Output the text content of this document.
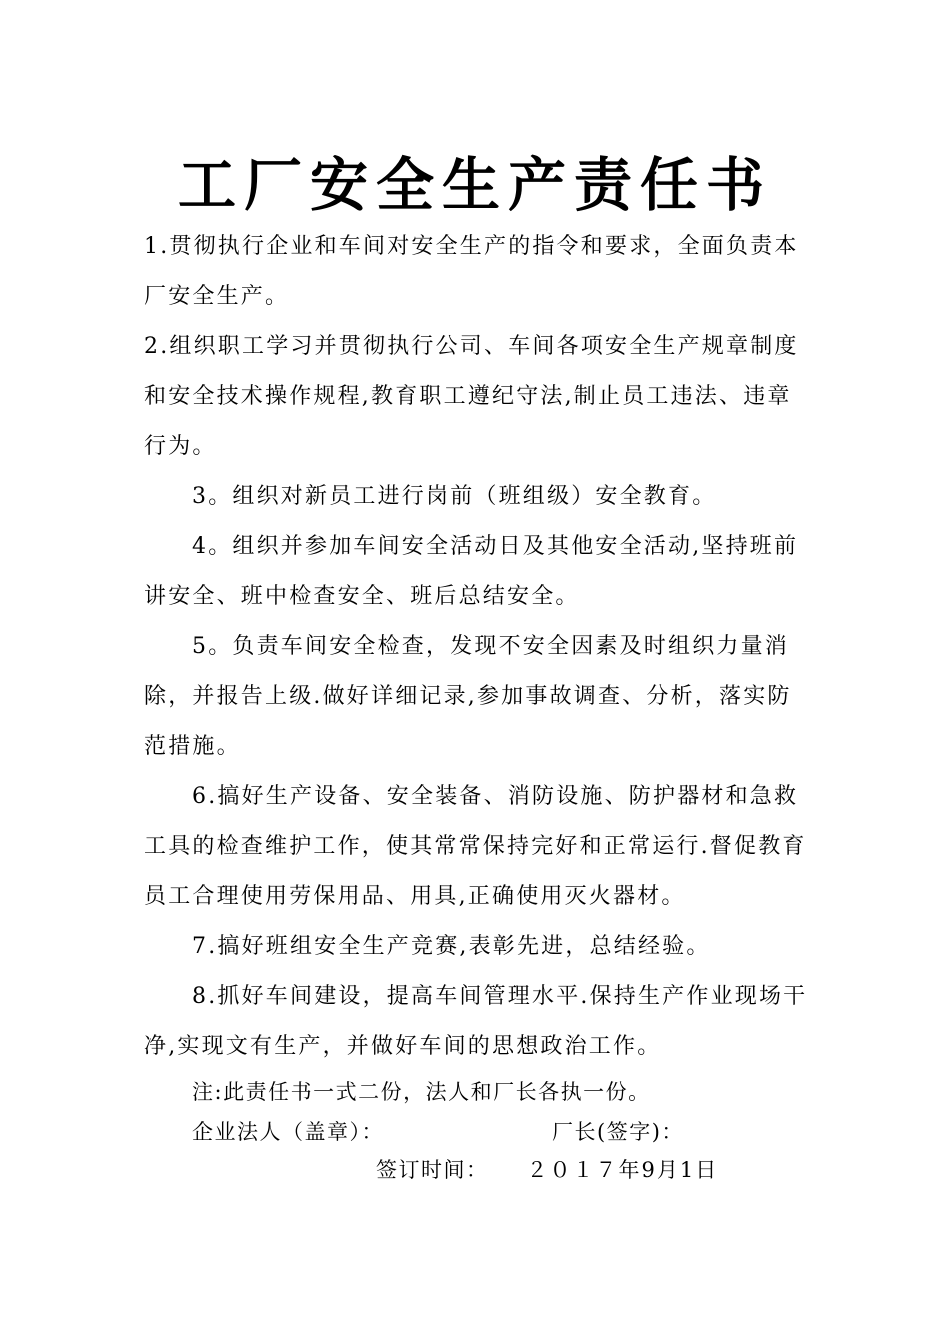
工厂安全生产责任书

1.贯彻执行企业和车间对安全生产的指令和要求，全面负责本厂安全生产。

2.组织职工学习并贯彻执行公司、车间各项安全生产规章制度和安全技术操作规程,教育职工遵纪守法,制止员工违法、违章行为。

3。组织对新员工进行岗前（班组级）安全教育。

4。组织并参加车间安全活动日及其他安全活动,坚持班前讲安全、班中检查安全、班后总结安全。

5。负责车间安全检查，发现不安全因素及时组织力量消除，并报告上级.做好详细记录,参加事故调查、分析，落实防范措施。

6.搞好生产设备、安全装备、消防设施、防护器材和急救工具的检查维护工作，使其常常保持完好和正常运行.督促教育员工合理使用劳保用品、用具,正确使用灭火器材。

7.搞好班组安全生产竞赛,表彰先进，总结经验。

8.抓好车间建设，提高车间管理水平.保持生产作业现场干净,实现文有生产，并做好车间的思想政治工作。

注:此责任书一式二份，法人和厂长各执一份。
企业法人（盖章）：	厂长(签字)：
签订时间： ２０１７年9月1日
